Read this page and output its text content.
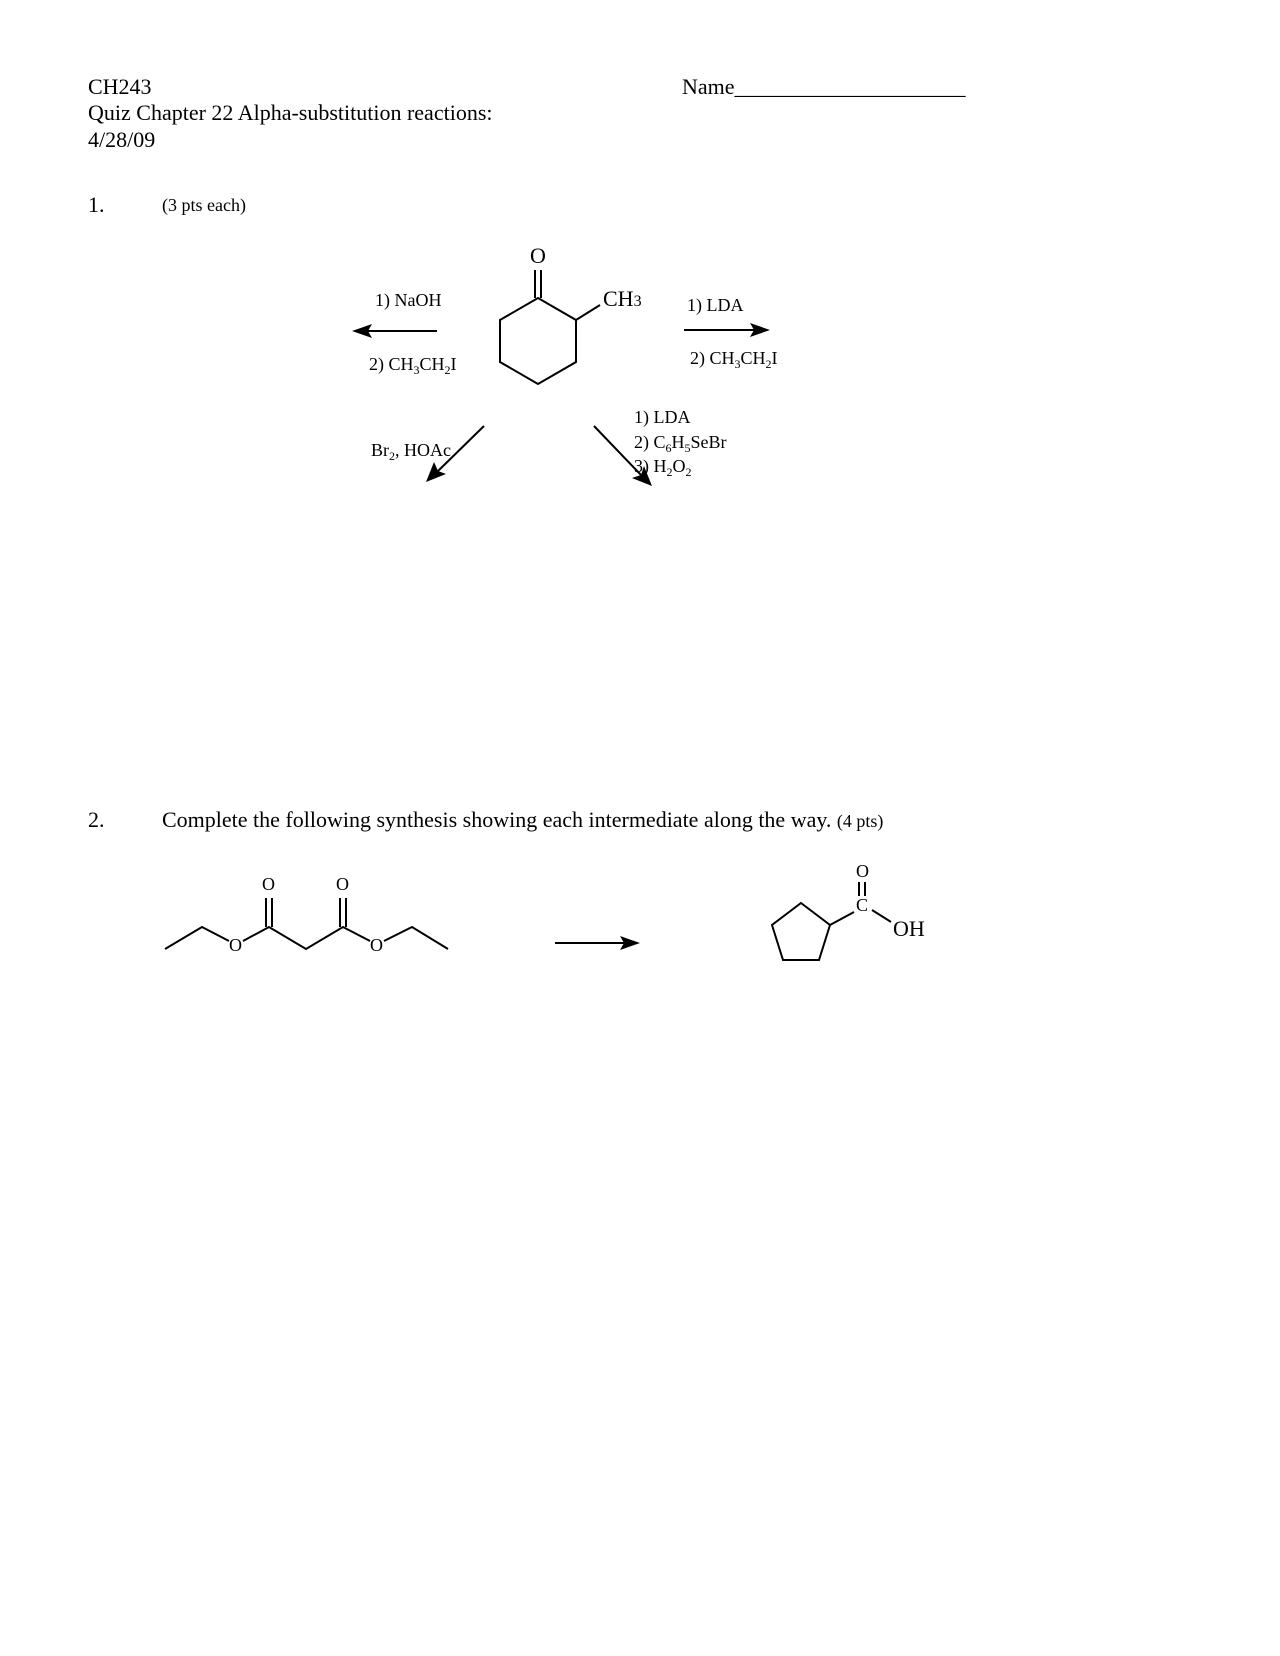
CH243
Quiz Chapter 22 Alpha-substitution reactions:
4/28/09
Name_____________________
1.	(3 pts each)
O
CH3
1) NaOH
2) $CH_3CH_2I$
1) LDA
2) $CH_3CH_2I$
$Br_2$, HOAc
1) LDA
2) $C_6H_5SeBr$
3) $H_2O_2$
2.	Complete the following synthesis showing each intermediate along the way. (4 pts)
O	O
O	O
O
C
OH
